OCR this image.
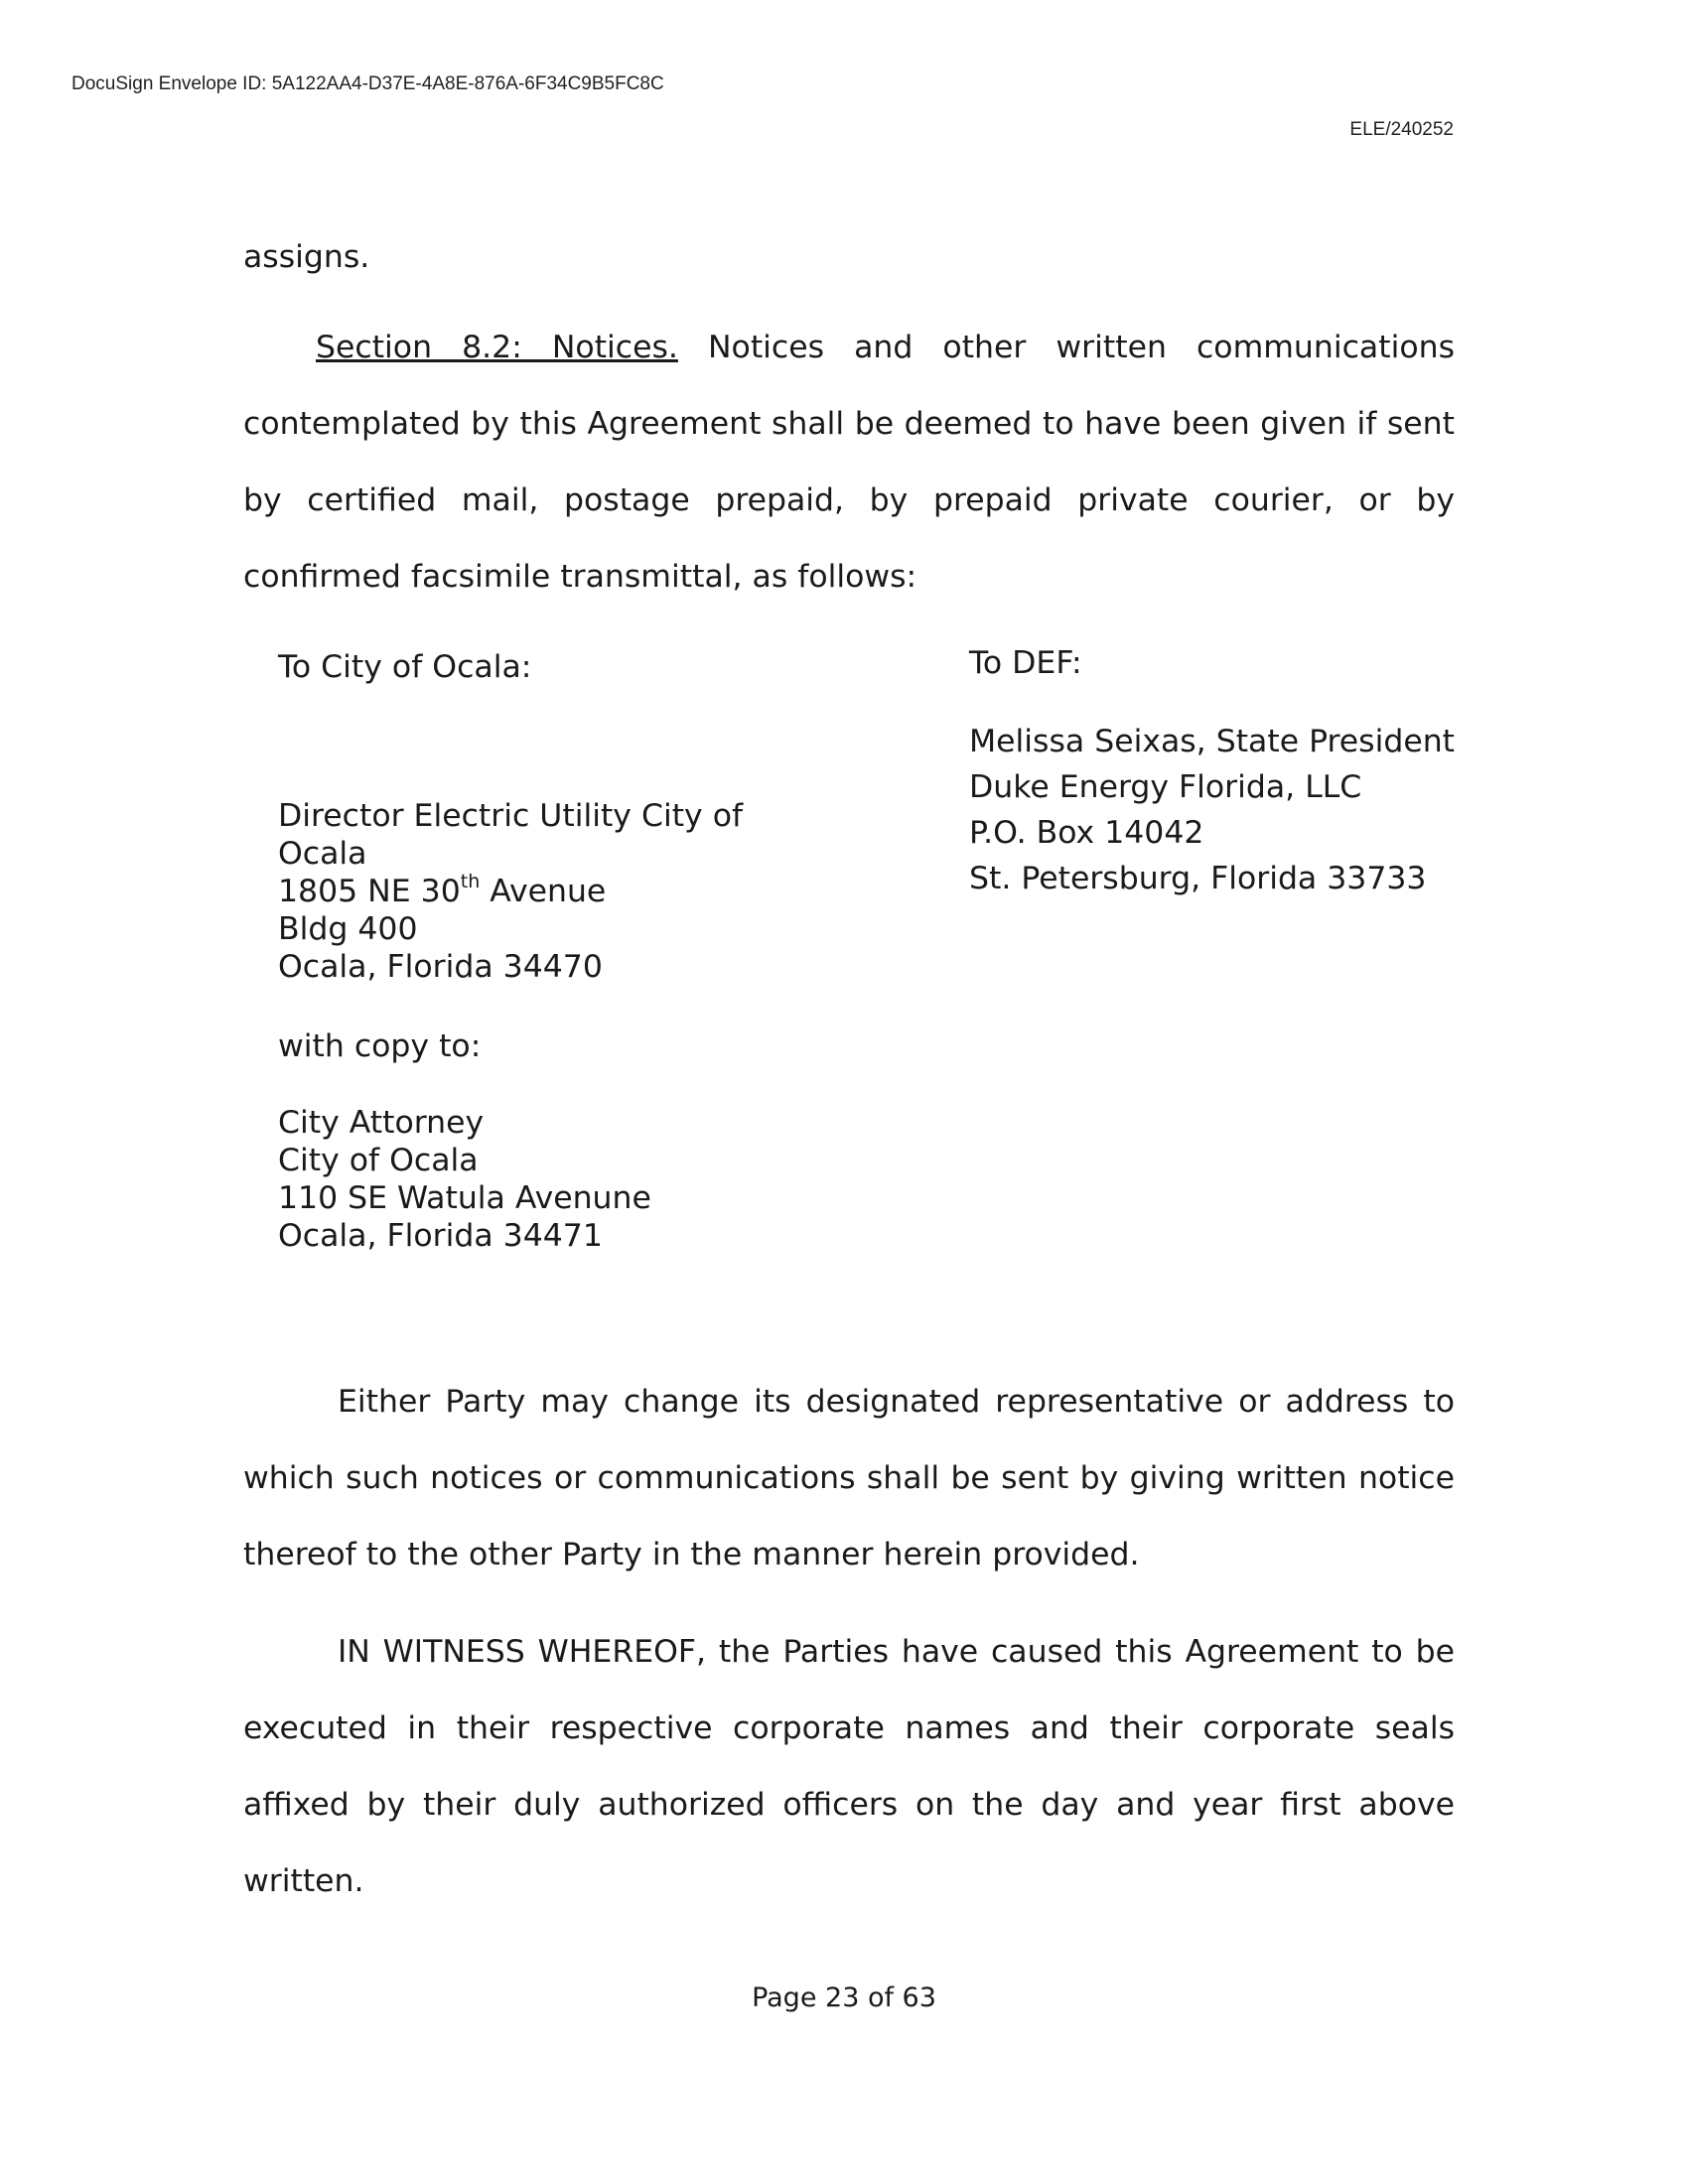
DocuSign Envelope ID: 5A122AA4-D37E-4A8E-876A-6F34C9B5FC8C
ELE/240252

assigns.

Section 8.2: Notices. Notices and other written communications contemplated by this Agreement shall be deemed to have been given if sent by certified mail, postage prepaid, by prepaid private courier, or by confirmed facsimile transmittal, as follows:

To City of Ocala:
Director Electric Utility City of
Ocala
1805 NE 30th Avenue
Bldg 400
Ocala, Florida 34470
with copy to:
City Attorney
City of Ocala
110 SE Watula Avenune
Ocala, Florida 34471
To DEF:
Melissa Seixas, State President
Duke Energy Florida, LLC
P.O. Box 14042
St. Petersburg, Florida 33733

Either Party may change its designated representative or address to which such notices or communications shall be sent by giving written notice thereof to the other Party in the manner herein provided.

IN WITNESS WHEREOF, the Parties have caused this Agreement to be executed in their respective corporate names and their corporate seals affixed by their duly authorized officers on the day and year first above written.

Page 23 of 63
